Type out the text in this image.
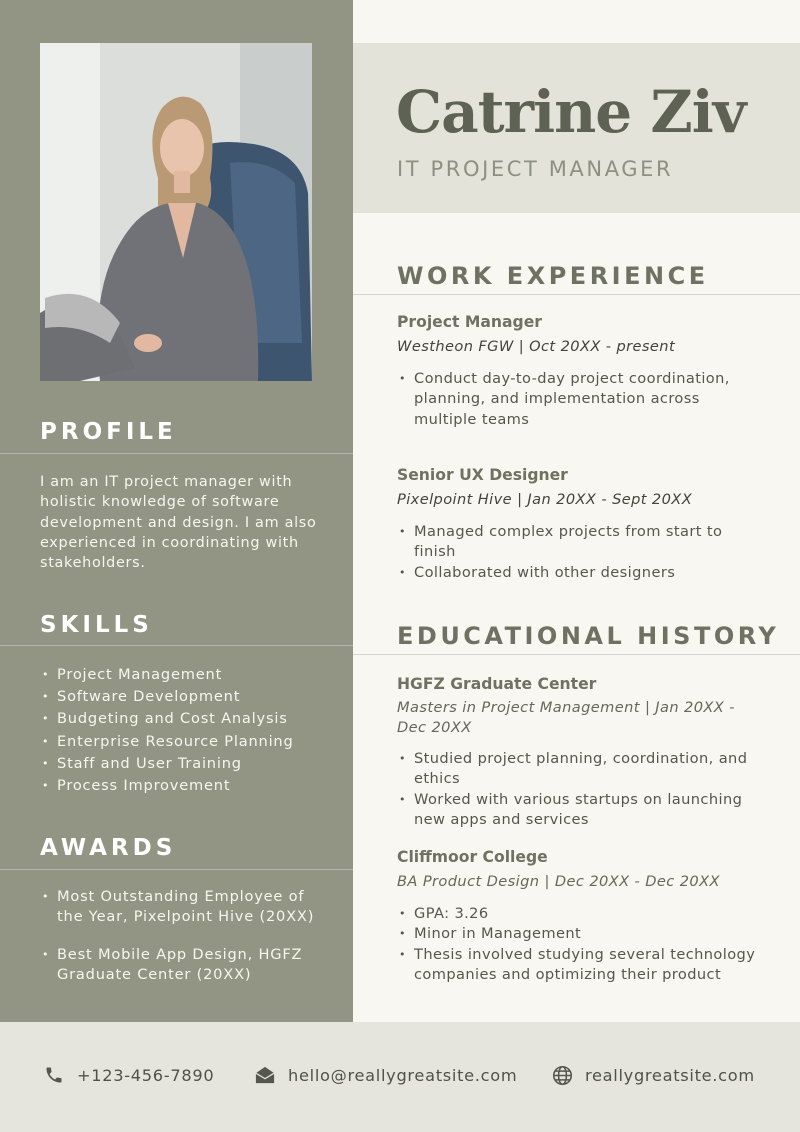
PROFILE

I am an IT project manager with holistic knowledge of software development and design. I am also experienced in coordinating with stakeholders.

SKILLS
• Project Management
• Software Development
• Budgeting and Cost Analysis
• Enterprise Resource Planning
• Staff and User Training
• Process Improvement
AWARDS
• Most Outstanding Employee of the Year, Pixelpoint Hive (20XX)
• Best Mobile App Design, HGFZ Graduate Center (20XX)
Catrine Ziv
IT PROJECT MANAGER
WORK EXPERIENCE
Project Manager
Westheon FGW | Oct 20XX - present
• Conduct day-to-day project coordination, planning, and implementation across multiple teams
Senior UX Designer
Pixelpoint Hive | Jan 20XX - Sept 20XX
• Managed complex projects from start to finish
• Collaborated with other designers
EDUCATIONAL HISTORY
HGFZ Graduate Center
Masters in Project Management | Jan 20XX - Dec 20XX
• Studied project planning, coordination, and ethics
• Worked with various startups on launching new apps and services
Cliffmoor College
BA Product Design | Dec 20XX - Dec 20XX
• GPA: 3.26
• Minor in Management
• Thesis involved studying several technology companies and optimizing their product
+123-456-7890	hello@reallygreatsite.com	reallygreatsite.com
